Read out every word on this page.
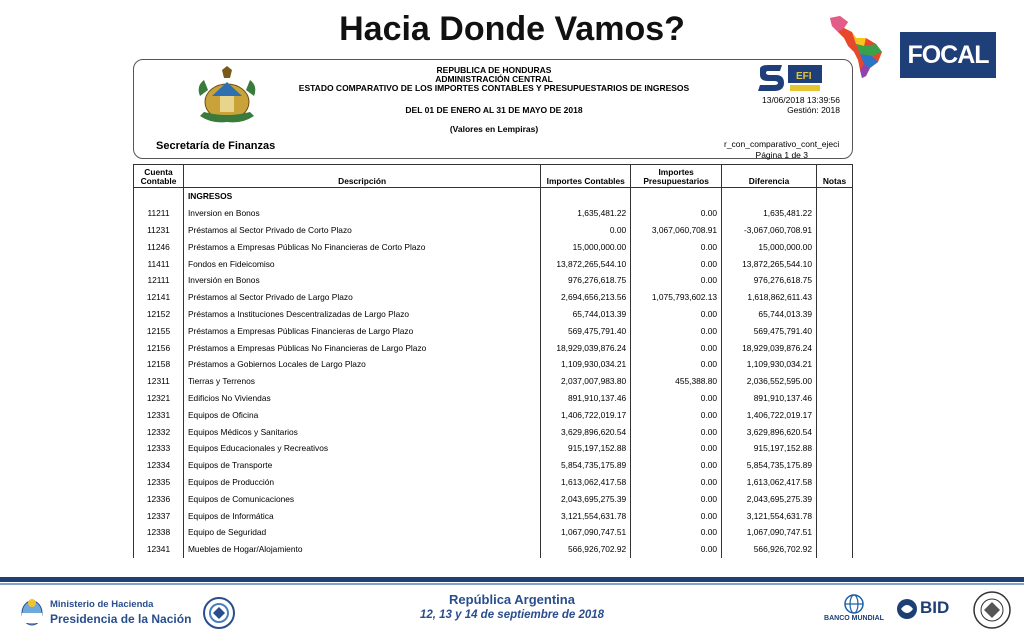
Hacia Donde Vamos?
FOCAL
REPUBLICA DE HONDURAS
ADMINISTRACIÓN CENTRAL
ESTADO COMPARATIVO DE LOS IMPORTES CONTABLES Y PRESUPUESTARIOS DE INGRESOS
DEL 01 DE ENERO AL 31 DE MAYO DE 2018
(Valores en Lempiras)
EFI
13/06/2018 13:39:56
Gestión: 2018
Secretaría de Finanzas	r_con_comparativo_cont_ejeci
Página 1 de 3
Cuenta Contable	Descripción	Importes Contables	Importes Presupuestarios	Diferencia	Notas
	INGRESOS				
11211	Inversion en Bonos	1,635,481.22	0.00	1,635,481.22	
11231	Préstamos al Sector Privado de Corto Plazo	0.00	3,067,060,708.91	-3,067,060,708.91	
11246	Préstamos a Empresas Públicas No Financieras de Corto Plazo	15,000,000.00	0.00	15,000,000.00	
11411	Fondos en Fideicomiso	13,872,265,544.10	0.00	13,872,265,544.10	
12111	Inversión en Bonos	976,276,618.75	0.00	976,276,618.75	
12141	Préstamos al Sector Privado de Largo Plazo	2,694,656,213.56	1,075,793,602.13	1,618,862,611.43	
12152	Préstamos a Instituciones Descentralizadas de Largo Plazo	65,744,013.39	0.00	65,744,013.39	
12155	Préstamos a Empresas Públicas Financieras de Largo Plazo	569,475,791.40	0.00	569,475,791.40	
12156	Préstamos a Empresas Públicas No Financieras de Largo Plazo	18,929,039,876.24	0.00	18,929,039,876.24	
12158	Préstamos a Gobiernos Locales de Largo Plazo	1,109,930,034.21	0.00	1,109,930,034.21	
12311	Tierras y Terrenos	2,037,007,983.80	455,388.80	2,036,552,595.00	
12321	Edificios No Viviendas	891,910,137.46	0.00	891,910,137.46	
12331	Equipos de Oficina	1,406,722,019.17	0.00	1,406,722,019.17	
12332	Equipos Médicos y Sanitarios	3,629,896,620.54	0.00	3,629,896,620.54	
12333	Equipos Educacionales y Recreativos	915,197,152.88	0.00	915,197,152.88	
12334	Equipos de Transporte	5,854,735,175.89	0.00	5,854,735,175.89	
12335	Equipos de Producción	1,613,062,417.58	0.00	1,613,062,417.58	
12336	Equipos de Comunicaciones	2,043,695,275.39	0.00	2,043,695,275.39	
12337	Equipos de Informática	3,121,554,631.78	0.00	3,121,554,631.78	
12338	Equipo de Seguridad	1,067,090,747.51	0.00	1,067,090,747.51	
12341	Muebles de Hogar/Alojamiento	566,926,702.92	0.00	566,926,702.92	
Ministerio de Hacienda
Presidencia de la Nación
República Argentina
12, 13 y 14 de septiembre de 2018	BANCO MUNDIAL
BID
